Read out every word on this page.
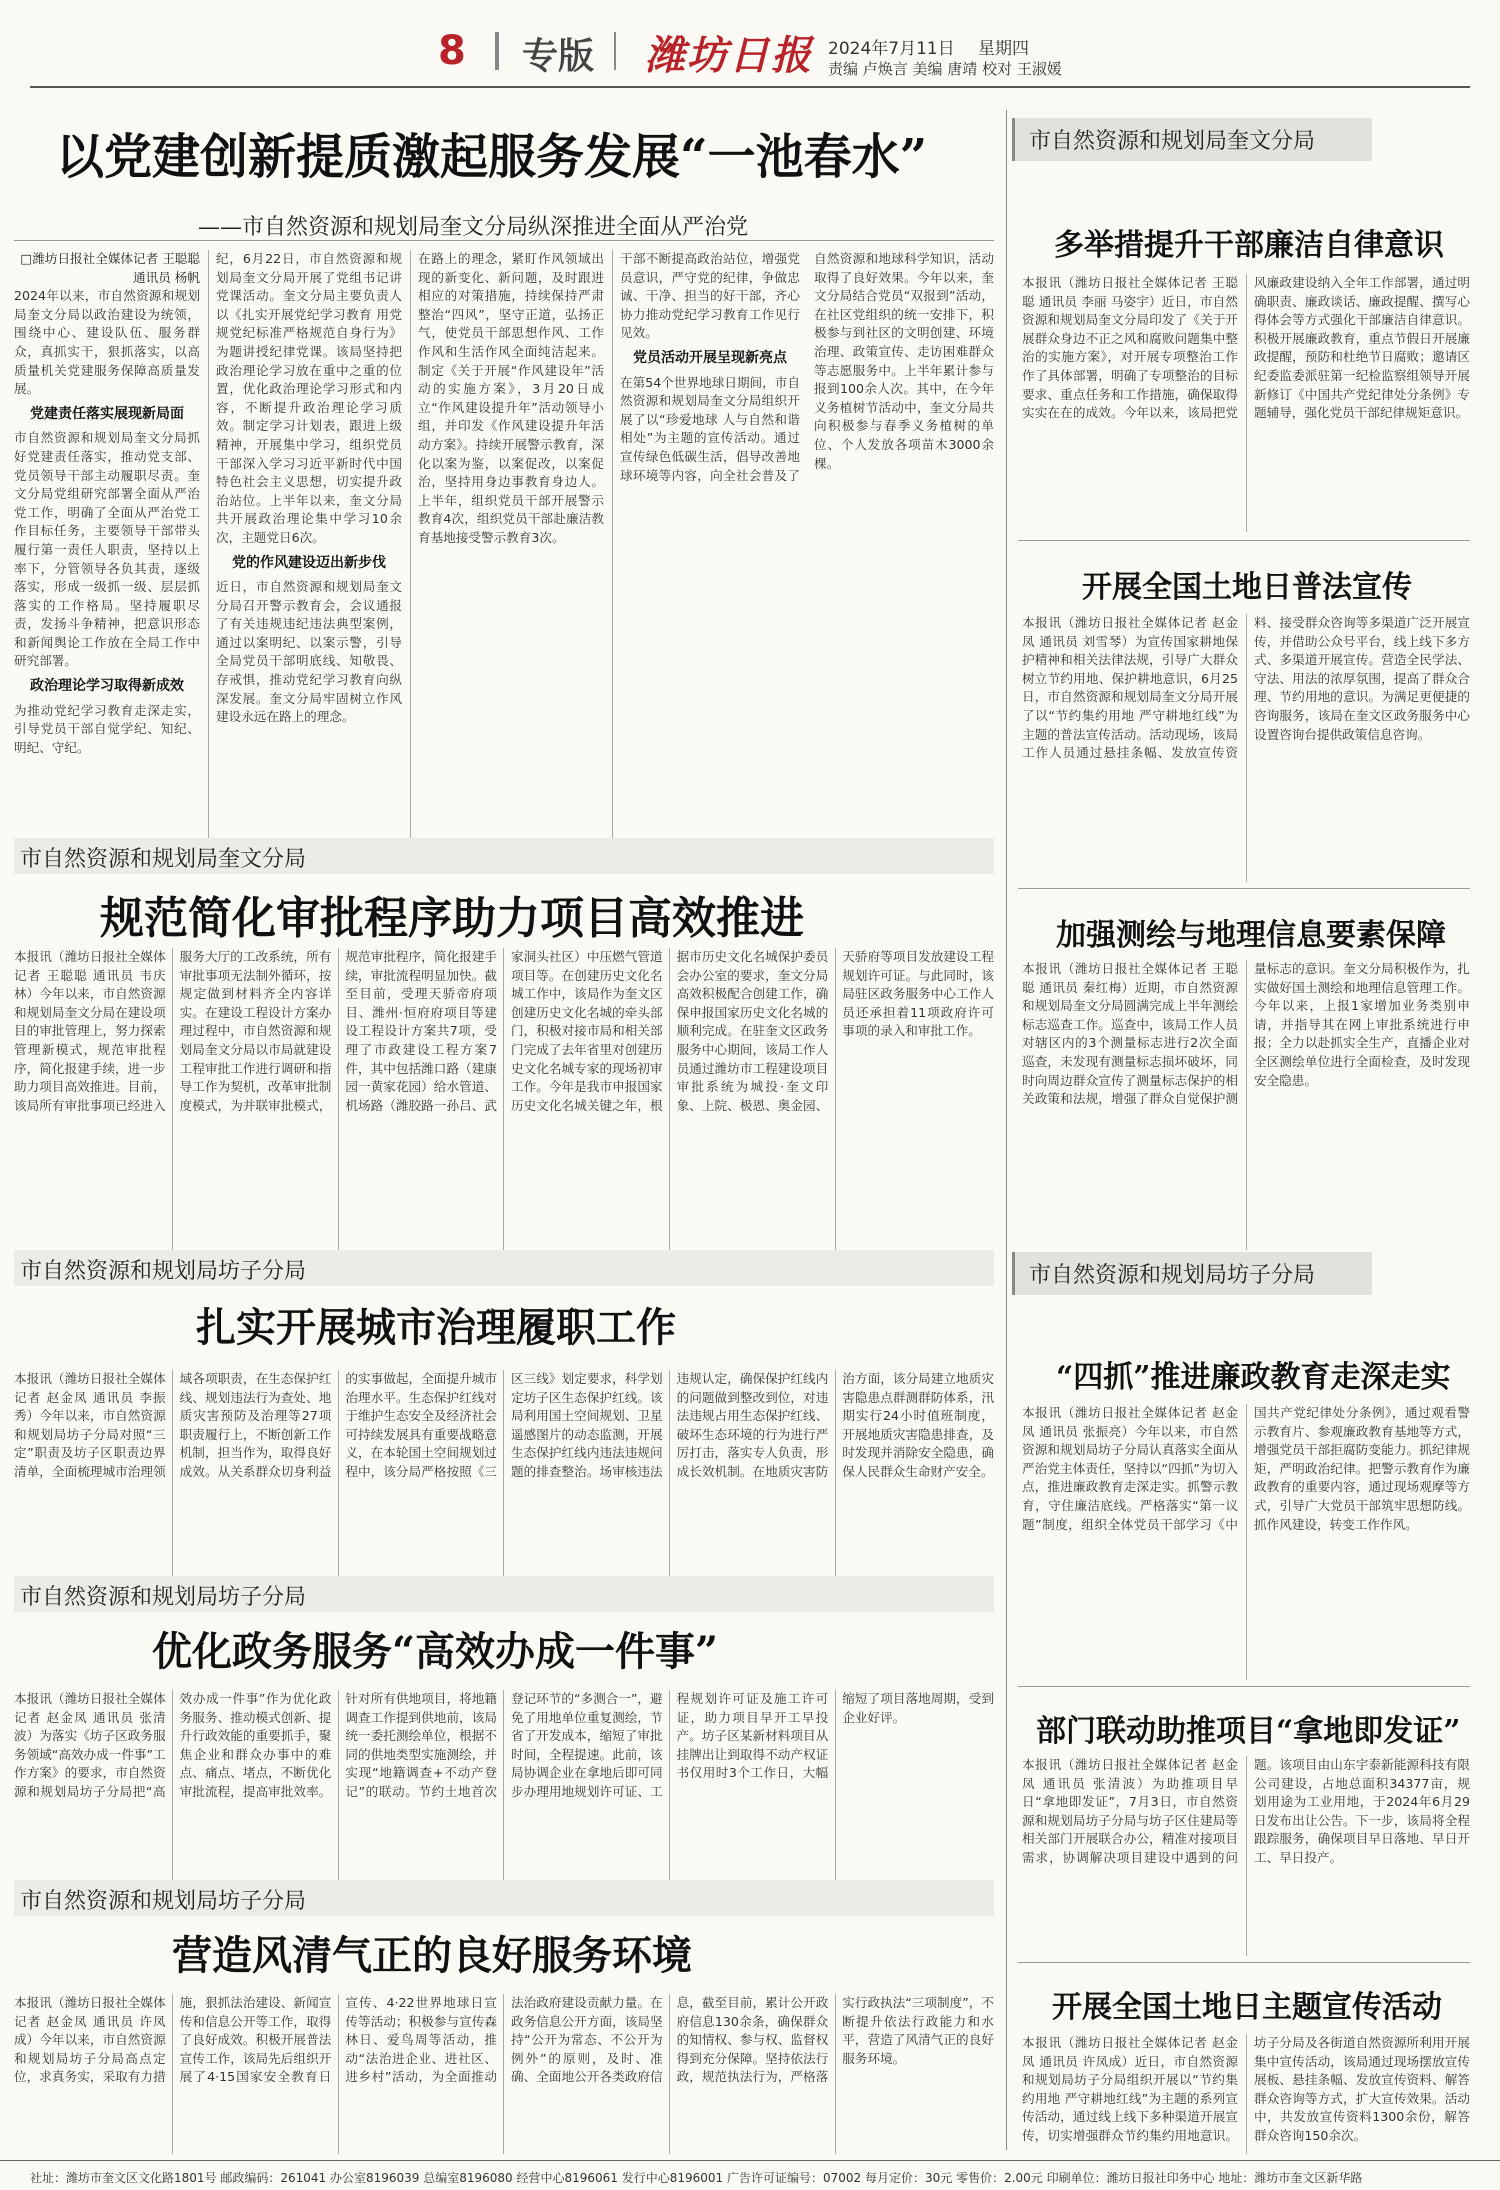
8 专版 潍坊日报 2024年7月11日 星期四
责编 卢焕言 美编 唐靖 校对 王淑媛
以党建创新提质激起服务发展“一池春水”
——市自然资源和规划局奎文分局纵深推进全面从严治党
□潍坊日报社全媒体记者 王聪聪
通讯员 杨帆
2024年以来，市自然资源和规划局奎文分局以政治建设为统领，围绕中心、建设队伍、服务群众，真抓实干，狠抓落实，以高质量机关党建服务保障高质量发展。
党建责任落实展现新局面
市自然资源和规划局奎文分局抓好党建责任落实，推动党支部、党员领导干部主动履职尽责。奎文分局党组研究部署全面从严治党工作，明确了全面从严治党工作目标任务，主要领导干部带头履行第一责任人职责，坚持以上率下，分管领导各负其责，逐级落实，形成一级抓一级、层层抓落实的工作格局。坚持履职尽责，发扬斗争精神，把意识形态和新闻舆论工作放在全局工作中研究部署。
政治理论学习取得新成效
为推动党纪学习教育走深走实，引导党员干部自觉学纪、知纪、明纪、守纪。
纪，6月22日，市自然资源和规划局奎文分局开展了党组书记讲党课活动。奎文分局主要负责人以《扎实开展党纪学习教育 用党规党纪标准严格规范自身行为》为题讲授纪律党课。该局坚持把政治理论学习放在重中之重的位置，优化政治理论学习形式和内容，不断提升政治理论学习质效。制定学习计划表，跟进上级精神，开展集中学习，组织党员干部深入学习习近平新时代中国特色社会主义思想，切实提升政治站位。上半年以来，奎文分局共开展政治理论集中学习10余次，主题党日6次。
党的作风建设迈出新步伐
近日，市自然资源和规划局奎文分局召开警示教育会，会议通报了有关违规违纪违法典型案例，通过以案明纪、以案示警，引导全局党员干部明底线、知敬畏、存戒惧，推动党纪学习教育向纵深发展。奎文分局牢固树立作风建设永远在路上的理念。
在路上的理念，紧盯作风领域出现的新变化、新问题，及时跟进相应的对策措施，持续保持严肃整治“四风”，坚守正道，弘扬正气，使党员干部思想作风、工作作风和生活作风全面纯洁起来。制定《关于开展“作风建设年”活动的实施方案》，3月20日成立“作风建设提升年”活动领导小组，并印发《作风建设提升年活动方案》。持续开展警示教育，深化以案为鉴，以案促改，以案促治，坚持用身边事教育身边人。上半年，组织党员干部开展警示教育4次，组织党员干部赴廉洁教育基地接受警示教育3次。
干部不断提高政治站位，增强党员意识，严守党的纪律，争做忠诚、干净、担当的好干部，齐心协力推动党纪学习教育工作见行见效。
党员活动开展呈现新亮点
在第54个世界地球日期间，市自然资源和规划局奎文分局组织开展了以“珍爱地球 人与自然和谐相处”为主题的宣传活动。通过宣传绿色低碳生活，倡导改善地球环境等内容，向全社会普及了自然资源和地球科学知识，活动取得了良好效果。今年以来，奎文分局结合党员“双报到”活动，在社区党组织的统一安排下，积极参与到社区的文明创建、环境治理、政策宣传、走访困难群众等志愿服务中。上半年累计参与报到100余人次。其中，在今年义务植树节活动中，奎文分局共向积极参与春季义务植树的单位、个人发放各项苗木3000余棵。
市自然资源和规划局奎文分局
规范简化审批程序助力项目高效推进
本报讯（潍坊日报社全媒体记者 王聪聪 通讯员 韦庆林）今年以来，市自然资源和规划局奎文分局在建设项目的审批管理上，努力探索管理新模式，规范审批程序，简化报建手续，进一步助力项目高效推进。目前，该局所有审批事项已经进入服务大厅的工改系统，所有审批事项无法制外循环，按规定做到材料齐全内容详实。在建设工程设计方案办理过程中，市自然资源和规划局奎文分局以市局就建设工程审批工作进行调研和指导工作为契机，改革审批制度模式，为并联审批模式，规范审批程序，简化报建手续，审批流程明显加快。截至目前，受理天骄帝府项目、潍州·恒府府项目等建设工程设计方案共7项，受理了市政建设工程方案7件，其中包括潍口路（建康园一黄家花园）给水管道、机场路（潍胶路一孙吕、武家洞头社区）中压燃气管道项目等。在创建历史文化名城工作中，该局作为奎文区创建历史文化名城的牵头部门，积极对接市局和相关部门完成了去年省里对创建历史文化名城专家的现场初审工作。今年是我市申报国家历史文化名城关键之年，根据市历史文化名城保护委员会办公室的要求，奎文分局高效积极配合创建工作，确保申报国家历史文化名城的顺利完成。在驻奎文区政务服务中心期间，该局工作人员通过潍坊市工程建设项目审批系统为城投·奎文印象、上院、极恩、奥金园、天骄府等项目发放建设工程规划许可证。与此同时，该局驻区政务服务中心工作人员还承担着11项政府许可事项的录入和审批工作。
市自然资源和规划局坊子分局
扎实开展城市治理履职工作
本报讯（潍坊日报社全媒体记者 赵金凤 通讯员 李振秀）今年以来，市自然资源和规划局坊子分局对照“三定”职责及坊子区职责边界清单，全面梳理城市治理领域各项职责，在生态保护红线、规划违法行为查处、地质灾害预防及治理等27项职责履行上，不断创新工作机制，担当作为，取得良好成效。从关系群众切身利益的实事做起，全面提升城市治理水平。生态保护红线对于维护生态安全及经济社会可持续发展具有重要战略意义，在本轮国土空间规划过程中，该分局严格按照《三区三线》划定要求，科学划定坊子区生态保护红线。该局利用国土空间规划、卫星遥感图片的动态监测，开展生态保护红线内违法违规问题的排查整治。场审核违法违规认定，确保保护红线内的问题做到整改到位，对违法违规占用生态保护红线、破坏生态环境的行为进行严厉打击，落实专人负责，形成长效机制。在地质灾害防治方面，该分局建立地质灾害隐患点群测群防体系，汛期实行24小时值班制度，开展地质灾害隐患排查，及时发现并消除安全隐患，确保人民群众生命财产安全。
市自然资源和规划局坊子分局
优化政务服务“高效办成一件事”
本报讯（潍坊日报社全媒体记者 赵金凤 通讯员 张清波）为落实《坊子区政务服务领域“高效办成一件事”工作方案》的要求，市自然资源和规划局坊子分局把“高效办成一件事”作为优化政务服务、推动模式创新、提升行政效能的重要抓手，聚焦企业和群众办事中的难点、痛点、堵点，不断优化审批流程，提高审批效率。针对所有供地项目，将地籍调查工作提到供地前，该局统一委托测绘单位，根据不同的供地类型实施测绘，并实现“地籍调查+不动产登记”的联动。节约土地首次登记环节的“多测合一”，避免了用地单位重复测绘，节省了开发成本，缩短了审批时间，全程提速。此前，该局协调企业在拿地后即可同步办理用地规划许可证、工程规划许可证及施工许可证，助力项目早开工早投产。坊子区某新材料项目从挂牌出让到取得不动产权证书仅用时3个工作日，大幅缩短了项目落地周期，受到企业好评。
市自然资源和规划局坊子分局
营造风清气正的良好服务环境
本报讯（潍坊日报社全媒体记者 赵金凤 通讯员 许凤成）今年以来，市自然资源和规划局坊子分局高点定位，求真务实，采取有力措施，狠抓法治建设、新闻宣传和信息公开等工作，取得了良好成效。积极开展普法宣传工作，该局先后组织开展了4·15国家安全教育日宣传、4·22世界地球日宣传等活动；积极参与宣传森林日、爱鸟周等活动，推动“法治进企业、进社区、进乡村”活动，为全面推动法治政府建设贡献力量。在政务信息公开方面，该局坚持“公开为常态、不公开为例外”的原则，及时、准确、全面地公开各类政府信息，截至目前，累计公开政府信息130余条，确保群众的知情权、参与权、监督权得到充分保障。坚持依法行政，规范执法行为，严格落实行政执法“三项制度”，不断提升依法行政能力和水平，营造了风清气正的良好服务环境。
市自然资源和规划局奎文分局
多举措提升干部廉洁自律意识
本报讯（潍坊日报社全媒体记者 王聪聪 通讯员 李丽 马姿宇）近日，市自然资源和规划局奎文分局印发了《关于开展群众身边不正之风和腐败问题集中整治的实施方案》，对开展专项整治工作作了具体部署，明确了专项整治的目标要求、重点任务和工作措施，确保取得实实在在的成效。今年以来，该局把党风廉政建设纳入全年工作部署，通过明确职责、廉政谈话、廉政提醒、撰写心得体会等方式强化干部廉洁自律意识。积极开展廉政教育，重点节假日开展廉政提醒，预防和杜绝节日腐败；邀请区纪委监委派驻第一纪检监察组领导开展新修订《中国共产党纪律处分条例》专题辅导，强化党员干部纪律规矩意识。
开展全国土地日普法宣传
本报讯（潍坊日报社全媒体记者 赵金凤 通讯员 刘雪琴）为宣传国家耕地保护精神和相关法律法规，引导广大群众树立节约用地、保护耕地意识，6月25日，市自然资源和规划局奎文分局开展了以“节约集约用地 严守耕地红线”为主题的普法宣传活动。活动现场，该局工作人员通过悬挂条幅、发放宣传资料、接受群众咨询等多渠道广泛开展宣传，并借助公众号平台，线上线下多方式、多渠道开展宣传。营造全民学法、守法、用法的浓厚氛围，提高了群众合理、节约用地的意识。为满足更便捷的咨询服务，该局在奎文区政务服务中心设置咨询台提供政策信息咨询。
加强测绘与地理信息要素保障
本报讯（潍坊日报社全媒体记者 王聪聪 通讯员 秦红梅）近期，市自然资源和规划局奎文分局圆满完成上半年测绘标志巡查工作。巡查中，该局工作人员对辖区内的3个测量标志进行2次全面巡查，未发现有测量标志损坏破坏，同时向周边群众宣传了测量标志保护的相关政策和法规，增强了群众自觉保护测量标志的意识。奎文分局积极作为，扎实做好国土测绘和地理信息管理工作。今年以来，上报1家增加业务类别申请，并指导其在网上审批系统进行申报；全力以赴抓实全生产，直播企业对全区测绘单位进行全面检查，及时发现安全隐患。
市自然资源和规划局坊子分局
“四抓”推进廉政教育走深走实
本报讯（潍坊日报社全媒体记者 赵金凤 通讯员 张振亮）今年以来，市自然资源和规划局坊子分局认真落实全面从严治党主体责任，坚持以“四抓”为切入点，推进廉政教育走深走实。抓警示教育，守住廉洁底线。严格落实“第一议题”制度，组织全体党员干部学习《中国共产党纪律处分条例》，通过观看警示教育片、参观廉政教育基地等方式，增强党员干部拒腐防变能力。抓纪律规矩，严明政治纪律。把警示教育作为廉政教育的重要内容，通过现场观摩等方式，引导广大党员干部筑牢思想防线。抓作风建设，转变工作作风。
部门联动助推项目“拿地即发证”
本报讯（潍坊日报社全媒体记者 赵金凤 通讯员 张清波）为助推项目早日“拿地即发证”，7月3日，市自然资源和规划局坊子分局与坊子区住建局等相关部门开展联合办公，精准对接项目需求，协调解决项目建设中遇到的问题。该项目由山东宇泰新能源科技有限公司建设，占地总面积34377亩，规划用途为工业用地，于2024年6月29日发布出让公告。下一步，该局将全程跟踪服务，确保项目早日落地、早日开工、早日投产。
开展全国土地日主题宣传活动
本报讯（潍坊日报社全媒体记者 赵金凤 通讯员 许凤成）近日，市自然资源和规划局坊子分局组织开展以“节约集约用地 严守耕地红线”为主题的系列宣传活动，通过线上线下多种渠道开展宣传，切实增强群众节约集约用地意识。坊子分局及各街道自然资源所利用开展集中宣传活动，该局通过现场摆放宣传展板、悬挂条幅、发放宣传资料、解答群众咨询等方式，扩大宣传效果。活动中，共发放宣传资料1300余份，解答群众咨询150余次。
社址：潍坊市奎文区文化路1801号 邮政编码：261041 办公室8196039 总编室8196080 经营中心8196061 发行中心8196001 广告许可证编号：07002 每月定价：30元 零售价：2.00元 印刷单位：潍坊日报社印务中心 地址：潍坊市奎文区新华路
